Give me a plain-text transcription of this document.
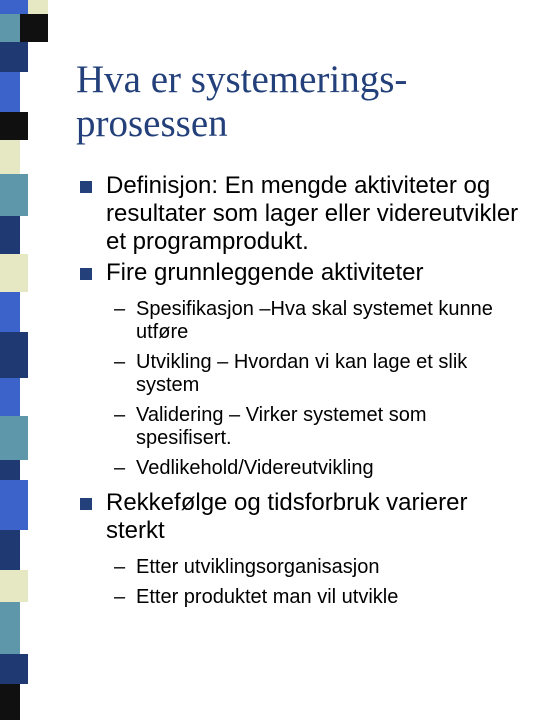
Hva er systemerings-prosessen
Definisjon: En mengde aktiviteter og resultater som lager eller videreutvikler et programprodukt.
Fire grunnleggende aktiviteter
– Spesifikasjon –Hva skal systemet kunne utføre
– Utvikling – Hvordan vi kan lage et slik system
– Validering – Virker systemet som spesifisert.
– Vedlikehold/Videreutvikling
Rekkefølge og tidsforbruk varierer sterkt
– Etter utviklingsorganisasjon
– Etter produktet man vil utvikle
